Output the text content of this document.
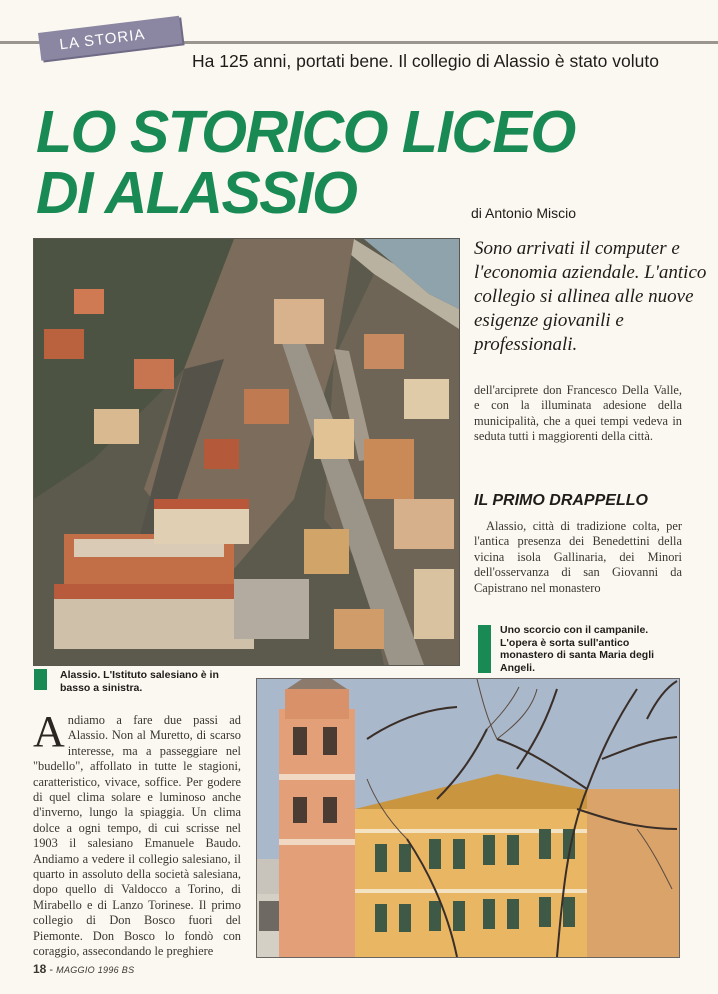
LA STORIA
Ha 125 anni, portati bene. Il collegio di Alassio è stato voluto
LO STORICO LICEO
DI ALASSIO	di Antonio Miscio

Sono arrivati il computer e l'economia aziendale. L'antico collegio si allinea alle nuove esigenze giovanili e professionali.

dell'arciprete don Francesco Della Valle, e con la illuminata adesione della municipalità, che a quei tempi vedeva in seduta tutti i maggiorenti della città.

IL PRIMO DRAPPELLO

Alassio, città di tradizione colta, per l'antica presenza dei Benedettini della vicina isola Gallinaria, dei Minori dell'osservanza di san Giovanni da Capistrano nel monastero

Alassio. L'Istituto salesiano è in basso a sinistra.
Uno scorcio con il campanile. L'opera è sorta sull'antico monastero di santa Maria degli Angeli.

Andiamo a fare due passi ad Alassio. Non al Muretto, di scarso interesse, ma a passeggiare nel "budello", affollato in tutte le stagioni, caratteristico, vivace, soffice. Per godere di quel clima solare e luminoso anche d'inverno, lungo la spiaggia. Un clima dolce a ogni tempo, di cui scrisse nel 1903 il salesiano Emanuele Baudo. Andiamo a vedere il collegio salesiano, il quarto in assoluto della società salesiana, dopo quello di Valdocco a Torino, di Mirabello e di Lanzo Torinese. Il primo collegio di Don Bosco fuori del Piemonte. Don Bosco lo fondò con coraggio, assecondando le preghiere

18 - MAGGIO 1996 BS
